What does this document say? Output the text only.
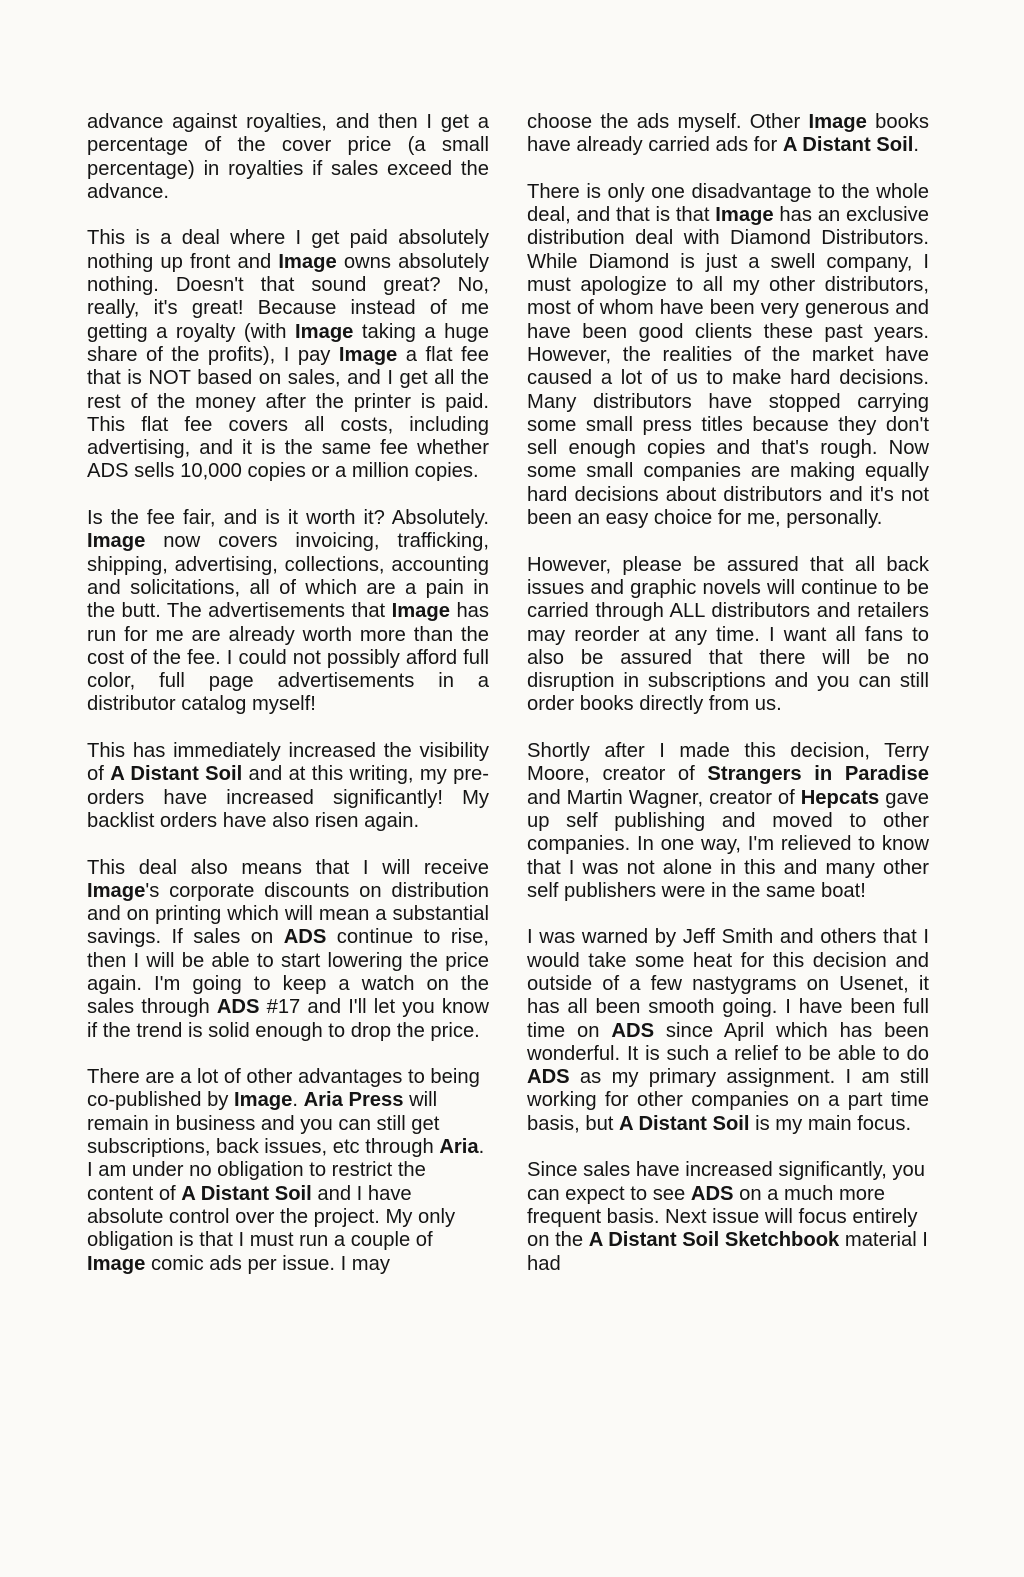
advance against royalties, and then I get a percentage of the cover price (a small percentage) in royalties if sales exceed the advance.

This is a deal where I get paid absolutely nothing up front and Image owns absolutely nothing. Doesn't that sound great? No, really, it's great! Because instead of me getting a royalty (with Image taking a huge share of the profits), I pay Image a flat fee that is NOT based on sales, and I get all the rest of the money after the printer is paid. This flat fee covers all costs, including advertising, and it is the same fee whether ADS sells 10,000 copies or a million copies.

Is the fee fair, and is it worth it? Absolutely. Image now covers invoicing, trafficking, shipping, advertising, collections, accounting and solicitations, all of which are a pain in the butt. The advertisements that Image has run for me are already worth more than the cost of the fee. I could not possibly afford full color, full page advertisements in a distributor catalog myself!

This has immediately increased the visibility of A Distant Soil and at this writing, my pre-orders have increased significantly! My backlist orders have also risen again.

This deal also means that I will receive Image's corporate discounts on distribution and on printing which will mean a substantial savings. If sales on ADS continue to rise, then I will be able to start lowering the price again. I'm going to keep a watch on the sales through ADS #17 and I'll let you know if the trend is solid enough to drop the price.

There are a lot of other advantages to being co-published by Image. Aria Press will remain in business and you can still get subscriptions, back issues, etc through Aria. I am under no obligation to restrict the content of A Distant Soil and I have absolute control over the project. My only obligation is that I must run a couple of Image comic ads per issue. I may

choose the ads myself. Other Image books have already carried ads for A Distant Soil.

There is only one disadvantage to the whole deal, and that is that Image has an exclusive distribution deal with Diamond Distributors. While Diamond is just a swell company, I must apologize to all my other distributors, most of whom have been very generous and have been good clients these past years. However, the realities of the market have caused a lot of us to make hard decisions. Many distributors have stopped carrying some small press titles because they don't sell enough copies and that's rough. Now some small companies are making equally hard decisions about distributors and it's not been an easy choice for me, personally.

However, please be assured that all back issues and graphic novels will continue to be carried through ALL distributors and retailers may reorder at any time. I want all fans to also be assured that there will be no disruption in subscriptions and you can still order books directly from us.

Shortly after I made this decision, Terry Moore, creator of Strangers in Paradise and Martin Wagner, creator of Hepcats gave up self publishing and moved to other companies. In one way, I'm relieved to know that I was not alone in this and many other self publishers were in the same boat!

I was warned by Jeff Smith and others that I would take some heat for this decision and outside of a few nastygrams on Usenet, it has all been smooth going. I have been full time on ADS since April which has been wonderful. It is such a relief to be able to do ADS as my primary assignment. I am still working for other companies on a part time basis, but A Distant Soil is my main focus.

Since sales have increased significantly, you can expect to see ADS on a much more frequent basis. Next issue will focus entirely on the A Distant Soil Sketchbook material I had
